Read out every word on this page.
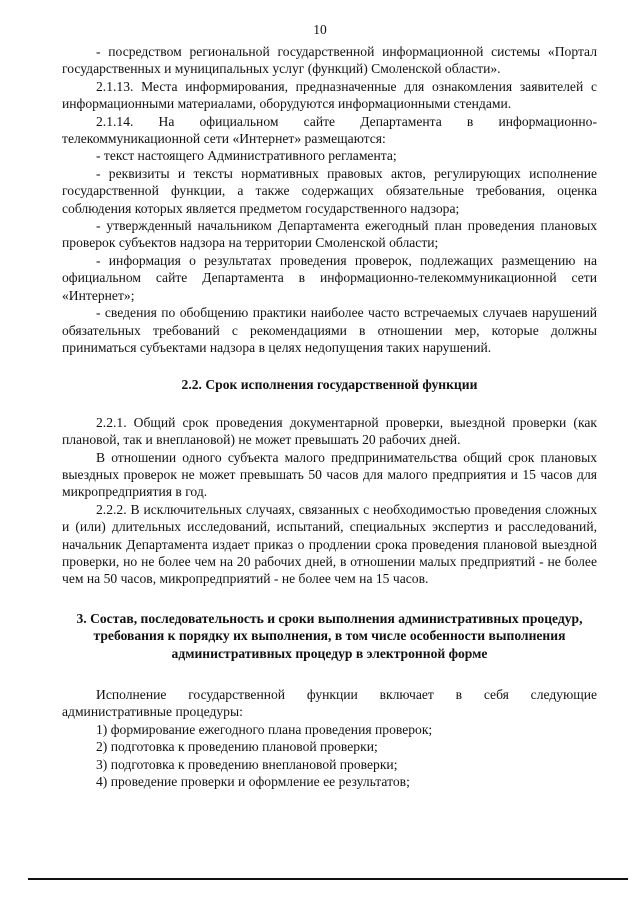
10

- посредством региональной государственной информационной системы «Портал государственных и муниципальных услуг (функций) Смоленской области».

2.1.13. Места информирования, предназначенные для ознакомления заявителей с информационными материалами, оборудуются информационными стендами.

2.1.14. На официальном сайте Департамента в информационно-телекоммуникационной сети «Интернет» размещаются:

- текст настоящего Административного регламента;

- реквизиты и тексты нормативных правовых актов, регулирующих исполнение государственной функции, а также содержащих обязательные требования, оценка соблюдения которых является предметом государственного надзора;

- утвержденный начальником Департамента ежегодный план проведения плановых проверок субъектов надзора на территории Смоленской области;

- информация о результатах проведения проверок, подлежащих размещению на официальном сайте Департамента в информационно-телекоммуникационной сети «Интернет»;

- сведения по обобщению практики наиболее часто встречаемых случаев нарушений обязательных требований с рекомендациями в отношении мер, которые должны приниматься субъектами надзора в целях недопущения таких нарушений.

2.2. Срок исполнения государственной функции

2.2.1. Общий срок проведения документарной проверки, выездной проверки (как плановой, так и внеплановой) не может превышать 20 рабочих дней.

В отношении одного субъекта малого предпринимательства общий срок плановых выездных проверок не может превышать 50 часов для малого предприятия и 15 часов для микропредприятия в год.

2.2.2. В исключительных случаях, связанных с необходимостью проведения сложных и (или) длительных исследований, испытаний, специальных экспертиз и расследований, начальник Департамента издает приказ о продлении срока проведения плановой выездной проверки, но не более чем на 20 рабочих дней, в отношении малых предприятий - не более чем на 50 часов, микропредприятий - не более чем на 15 часов.

3. Состав, последовательность и сроки выполнения административных процедур, требования к порядку их выполнения, в том числе особенности выполнения административных процедур в электронной форме

Исполнение государственной функции включает в себя следующие административные процедуры:

1) формирование ежегодного плана проведения проверок;

2) подготовка к проведению плановой проверки;

3) подготовка к проведению внеплановой проверки;

4) проведение проверки и оформление ее результатов;
